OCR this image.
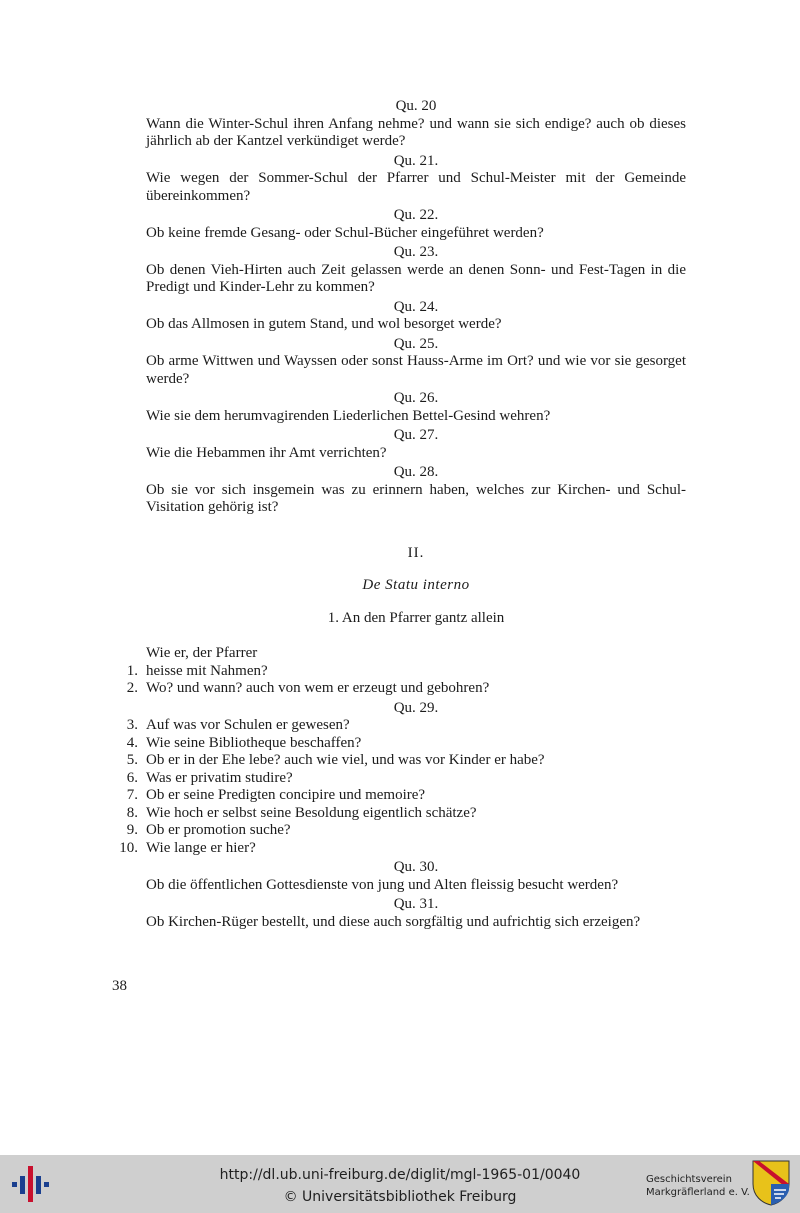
Qu. 20
Wann die Winter-Schul ihren Anfang nehme? und wann sie sich endige? auch ob dieses jährlich ab der Kantzel verkündiget werde?
Qu. 21.
Wie wegen der Sommer-Schul der Pfarrer und Schul-Meister mit der Gemeinde übereinkommen?
Qu. 22.
Ob keine fremde Gesang- oder Schul-Bücher eingeführet werden?
Qu. 23.
Ob denen Vieh-Hirten auch Zeit gelassen werde an denen Sonn- und Fest-Tagen in die Predigt und Kinder-Lehr zu kommen?
Qu. 24.
Ob das Allmosen in gutem Stand, und wol besorget werde?
Qu. 25.
Ob arme Wittwen und Wayssen oder sonst Hauss-Arme im Ort? und wie vor sie gesorget werde?
Qu. 26.
Wie sie dem herumvagirenden Liederlichen Bettel-Gesind wehren?
Qu. 27.
Wie die Hebammen ihr Amt verrichten?
Qu. 28.
Ob sie vor sich insgemein was zu erinnern haben, welches zur Kirchen- und Schul-Visitation gehörig ist?
II.
De Statu interno
1. An den Pfarrer gantz allein
Wie er, der Pfarrer
1. heisse mit Nahmen?
2. Wo? und wann? auch von wem er erzeugt und gebohren?
Qu. 29.
3. Auf was vor Schulen er gewesen?
4. Wie seine Bibliotheque beschaffen?
5. Ob er in der Ehe lebe? auch wie viel, und was vor Kinder er habe?
6. Was er privatim studire?
7. Ob er seine Predigten concipire und memoire?
8. Wie hoch er selbst seine Besoldung eigentlich schätze?
9. Ob er promotion suche?
10. Wie lange er hier?
Qu. 30.
Ob die öffentlichen Gottesdienste von jung und Alten fleissig besucht werden?
Qu. 31.
Ob Kirchen-Rüger bestellt, und diese auch sorgfältig und aufrichtig sich erzeigen?
38
http://dl.ub.uni-freiburg.de/diglit/mgl-1965-01/0040
© Universitätsbibliothek Freiburg
Geschichtsverein
Markgräflerland e. V.
